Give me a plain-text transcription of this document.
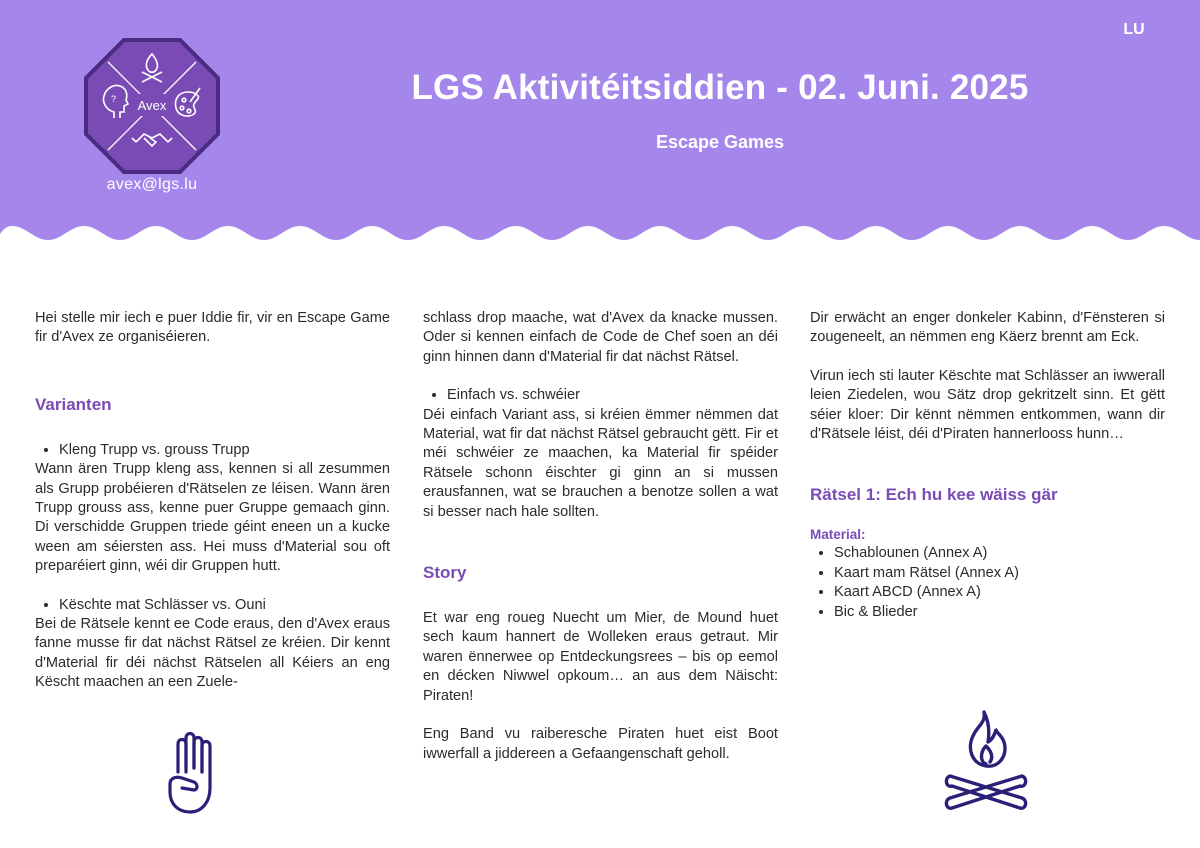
LU
Avex
?
avex@lgs.lu
LGS Aktivitéitsiddien - 02. Juni. 2025
Escape Games

Hei stelle mir iech e puer Iddie fir, vir en Escape Game fir d'Avex ze organiséieren.

Varianten
• Kleng Trupp vs. grouss Trupp

Wann ären Trupp kleng ass, kennen si all zesummen als Grupp probéieren d'Rätselen ze léisen. Wann ären Trupp grouss ass, kenne puer Gruppe gemaach ginn. Di verschidde Gruppen triede géint eneen un a kucke ween am séiersten ass. Hei muss d'Material sou oft preparéiert ginn, wéi dir Gruppen hutt.

• Këschte mat Schlässer vs. Ouni

Bei de Rätsele kennt ee Code eraus, den d'Avex eraus fanne musse fir dat nächst Rätsel ze kréien. Dir kennt d'Material fir déi nächst Rätselen all Kéiers an eng Këscht maachen an een Zuele-

schlass drop maache, wat d'Avex da knacke mussen. Oder si kennen einfach de Code de Chef soen an déi ginn hinnen dann d'Material fir dat nächst Rätsel.

• Einfach vs. schwéier

Déi einfach Variant ass, si kréien ëmmer nëmmen dat Material, wat fir dat nächst Rätsel gebraucht gëtt. Fir et méi schwéier ze maachen, ka Material fir spéider Rätsele schonn éischter gi ginn an si mussen erausfannen, wat se brauchen a benotze sollen a wat si besser nach hale sollten.

Story

Et war eng roueg Nuecht um Mier, de Mound huet sech kaum hannert de Wolleken eraus getraut. Mir waren ënnerwee op Entdeckungsrees – bis op eemol en décken Niwwel opkoum… an aus dem Näischt: Piraten!

Eng Band vu raiberesche Piraten huet eist Boot iwwerfall a jiddereen a Gefaangenschaft geholl.

Dir erwächt an enger donkeler Kabinn, d'Fënsteren si zougeneelt, an nëmmen eng Käerz brennt am Eck.

Virun iech sti lauter Këschte mat Schlässer an iwwerall leien Ziedelen, wou Sätz drop gekritzelt sinn. Et gëtt séier kloer: Dir kënnt nëmmen entkommen, wann dir d'Rätsele léist, déi d'Piraten hannerlooss hunn…

Rätsel 1: Ech hu kee wäiss gär
Material:
• Schablounen (Annex A)
• Kaart mam Rätsel (Annex A)
• Kaart ABCD (Annex A)
• Bic & Blieder
